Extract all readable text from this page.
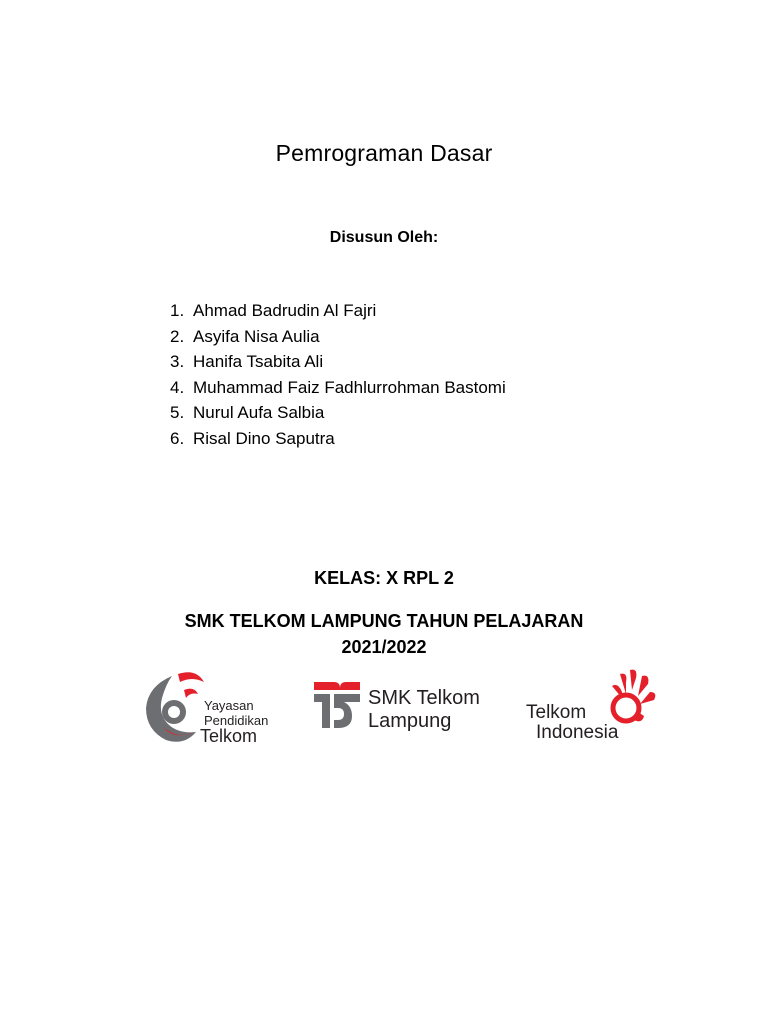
Pemrograman Dasar
Disusun Oleh:
1. Ahmad Badrudin Al Fajri
2. Asyifa Nisa Aulia
3. Hanifa Tsabita Ali
4. Muhammad Faiz Fadhlurrohman Bastomi
5. Nurul Aufa Salbia
6. Risal Dino Saputra
KELAS: X RPL 2
SMK TELKOM LAMPUNG TAHUN PELAJARAN
2021/2022
Yayasan
Pendidikan
Telkom
SMK Telkom
Lampung	Telkom
Indonesia
